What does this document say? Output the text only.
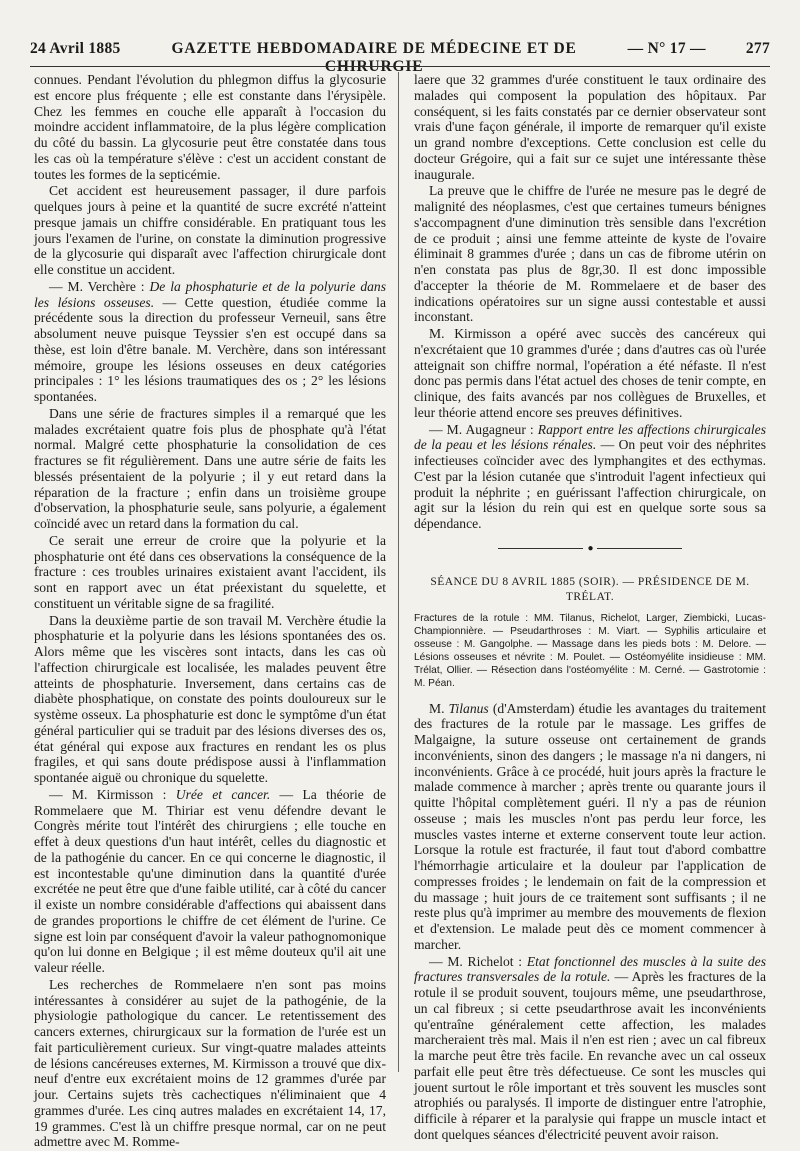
24 Avril 1885	GAZETTE HEBDOMADAIRE DE MÉDECINE ET DE CHIRURGIE
— N° 17 —	277

connues. Pendant l'évolution du phlegmon diffus la glycosurie est encore plus fréquente ; elle est constante dans l'érysipèle. Chez les femmes en couche elle apparaît à l'occasion du moindre accident inflammatoire, de la plus légère complication du côté du bassin. La glycosurie peut être constatée dans tous les cas où la température s'élève : c'est un accident constant de toutes les formes de la septicémie.

Cet accident est heureusement passager, il dure parfois quelques jours à peine et la quantité de sucre excrété n'atteint presque jamais un chiffre considérable. En pratiquant tous les jours l'examen de l'urine, on constate la diminution progressive de la glycosurie qui disparaît avec l'affection chirurgicale dont elle constitue un accident.

— M. Verchère : De la phosphaturie et de la polyurie dans les lésions osseuses. — Cette question, étudiée comme la précédente sous la direction du professeur Verneuil, sans être absolument neuve puisque Teyssier s'en est occupé dans sa thèse, est loin d'être banale. M. Verchère, dans son intéressant mémoire, groupe les lésions osseuses en deux catégories principales : 1° les lésions traumatiques des os ; 2° les lésions spontanées.

Dans une série de fractures simples il a remarqué que les malades excrétaient quatre fois plus de phosphate qu'à l'état normal. Malgré cette phosphaturie la consolidation de ces fractures se fit régulièrement. Dans une autre série de faits les blessés présentaient de la polyurie ; il y eut retard dans la réparation de la fracture ; enfin dans un troisième groupe d'observation, la phosphaturie seule, sans polyurie, a également coïncidé avec un retard dans la formation du cal.

Ce serait une erreur de croire que la polyurie et la phosphaturie ont été dans ces observations la conséquence de la fracture : ces troubles urinaires existaient avant l'accident, ils sont en rapport avec un état préexistant du squelette, et constituent un véritable signe de sa fragilité.

Dans la deuxième partie de son travail M. Verchère étudie la phosphaturie et la polyurie dans les lésions spontanées des os. Alors même que les viscères sont intacts, dans les cas où l'affection chirurgicale est localisée, les malades peuvent être atteints de phosphaturie. Inversement, dans certains cas de diabète phosphatique, on constate des points douloureux sur le système osseux. La phosphaturie est donc le symptôme d'un état général particulier qui se traduit par des lésions diverses des os, état général qui expose aux fractures en rendant les os plus fragiles, et qui sans doute prédispose aussi à l'inflammation spontanée aiguë ou chronique du squelette.

— M. Kirmisson : Urée et cancer. — La théorie de Rommelaere que M. Thiriar est venu défendre devant le Congrès mérite tout l'intérêt des chirurgiens ; elle touche en effet à deux questions d'un haut intérêt, celles du diagnostic et de la pathogénie du cancer. En ce qui concerne le diagnostic, il est incontestable qu'une diminution dans la quantité d'urée excrétée ne peut être que d'une faible utilité, car à côté du cancer il existe un nombre considérable d'affections qui abaissent dans de grandes proportions le chiffre de cet élément de l'urine. Ce signe est loin par conséquent d'avoir la valeur pathognomonique qu'on lui donne en Belgique ; il est même douteux qu'il ait une valeur réelle.

Les recherches de Rommelaere n'en sont pas moins intéressantes à considérer au sujet de la pathogénie, de la physiologie pathologique du cancer. Le retentissement des cancers externes, chirurgicaux sur la formation de l'urée est un fait particulièrement curieux. Sur vingt-quatre malades atteints de lésions cancéreuses externes, M. Kirmisson a trouvé que dix-neuf d'entre eux excrétaient moins de 12 grammes d'urée par jour. Certains sujets très cachectiques n'éliminaient que 4 grammes d'urée. Les cinq autres malades en excrétaient 14, 17, 19 grammes. C'est là un chiffre presque normal, car on ne peut admettre avec M. Romme-

laere que 32 grammes d'urée constituent le taux ordinaire des malades qui composent la population des hôpitaux. Par conséquent, si les faits constatés par ce dernier observateur sont vrais d'une façon générale, il importe de remarquer qu'il existe un grand nombre d'exceptions. Cette conclusion est celle du docteur Grégoire, qui a fait sur ce sujet une intéressante thèse inaugurale.

La preuve que le chiffre de l'urée ne mesure pas le degré de malignité des néoplasmes, c'est que certaines tumeurs bénignes s'accompagnent d'une diminution très sensible dans l'excrétion de ce produit ; ainsi une femme atteinte de kyste de l'ovaire éliminait 8 grammes d'urée ; dans un cas de fibrome utérin on n'en constata pas plus de 8gr,30. Il est donc impossible d'accepter la théorie de M. Rommelaere et de baser des indications opératoires sur un signe aussi contestable et aussi inconstant.

M. Kirmisson a opéré avec succès des cancéreux qui n'excrétaient que 10 grammes d'urée ; dans d'autres cas où l'urée atteignait son chiffre normal, l'opération a été néfaste. Il n'est donc pas permis dans l'état actuel des choses de tenir compte, en clinique, des faits avancés par nos collègues de Bruxelles, et leur théorie attend encore ses preuves définitives.

— M. Augagneur : Rapport entre les affections chirurgicales de la peau et les lésions rénales. — On peut voir des néphrites infectieuses coïncider avec des lymphangites et des ecthymas. C'est par la lésion cutanée que s'introduit l'agent infectieux qui produit la néphrite ; en guérissant l'affection chirurgicale, on agit sur la lésion du rein qui est en quelque sorte sous sa dépendance.

●
SÉANCE DU 8 AVRIL 1885 (SOIR). — PRÉSIDENCE DE M. TRÉLAT.
Fractures de la rotule : MM. Tilanus, Richelot, Larger, Ziembicki, Lucas-Championnière. — Pseudarthroses : M. Viart. — Syphilis articulaire et osseuse : M. Gangolphe. — Massage dans les pieds bots : M. Delore. — Lésions osseuses et névrite : M. Poulet. — Ostéomyélite insidieuse : MM. Trélat, Ollier. — Résection dans l'ostéomyélite : M. Cerné. — Gastrotomie : M. Péan.

M. Tilanus (d'Amsterdam) étudie les avantages du traitement des fractures de la rotule par le massage. Les griffes de Malgaigne, la suture osseuse ont certainement de grands inconvénients, sinon des dangers ; le massage n'a ni dangers, ni inconvénients. Grâce à ce procédé, huit jours après la fracture le malade commence à marcher ; après trente ou quarante jours il quitte l'hôpital complètement guéri. Il n'y a pas de réunion osseuse ; mais les muscles n'ont pas perdu leur force, les muscles vastes interne et externe conservent toute leur action. Lorsque la rotule est fracturée, il faut tout d'abord combattre l'hémorrhagie articulaire et la douleur par l'application de compresses froides ; le lendemain on fait de la compression et du massage ; huit jours de ce traitement sont suffisants ; il ne reste plus qu'à imprimer au membre des mouvements de flexion et d'extension. Le malade peut dès ce moment commencer à marcher.

— M. Richelot : Etat fonctionnel des muscles à la suite des fractures transversales de la rotule. — Après les fractures de la rotule il se produit souvent, toujours même, une pseudarthrose, un cal fibreux ; si cette pseudarthrose avait les inconvénients qu'entraîne généralement cette affection, les malades marcheraient très mal. Mais il n'en est rien ; avec un cal fibreux la marche peut être très facile. En revanche avec un cal osseux parfait elle peut être très défectueuse. Ce sont les muscles qui jouent surtout le rôle important et très souvent les muscles sont atrophiés ou paralysés. Il importe de distinguer entre l'atrophie, difficile à réparer et la paralysie qui frappe un muscle intact et dont quelques séances d'électricité peuvent avoir raison.
